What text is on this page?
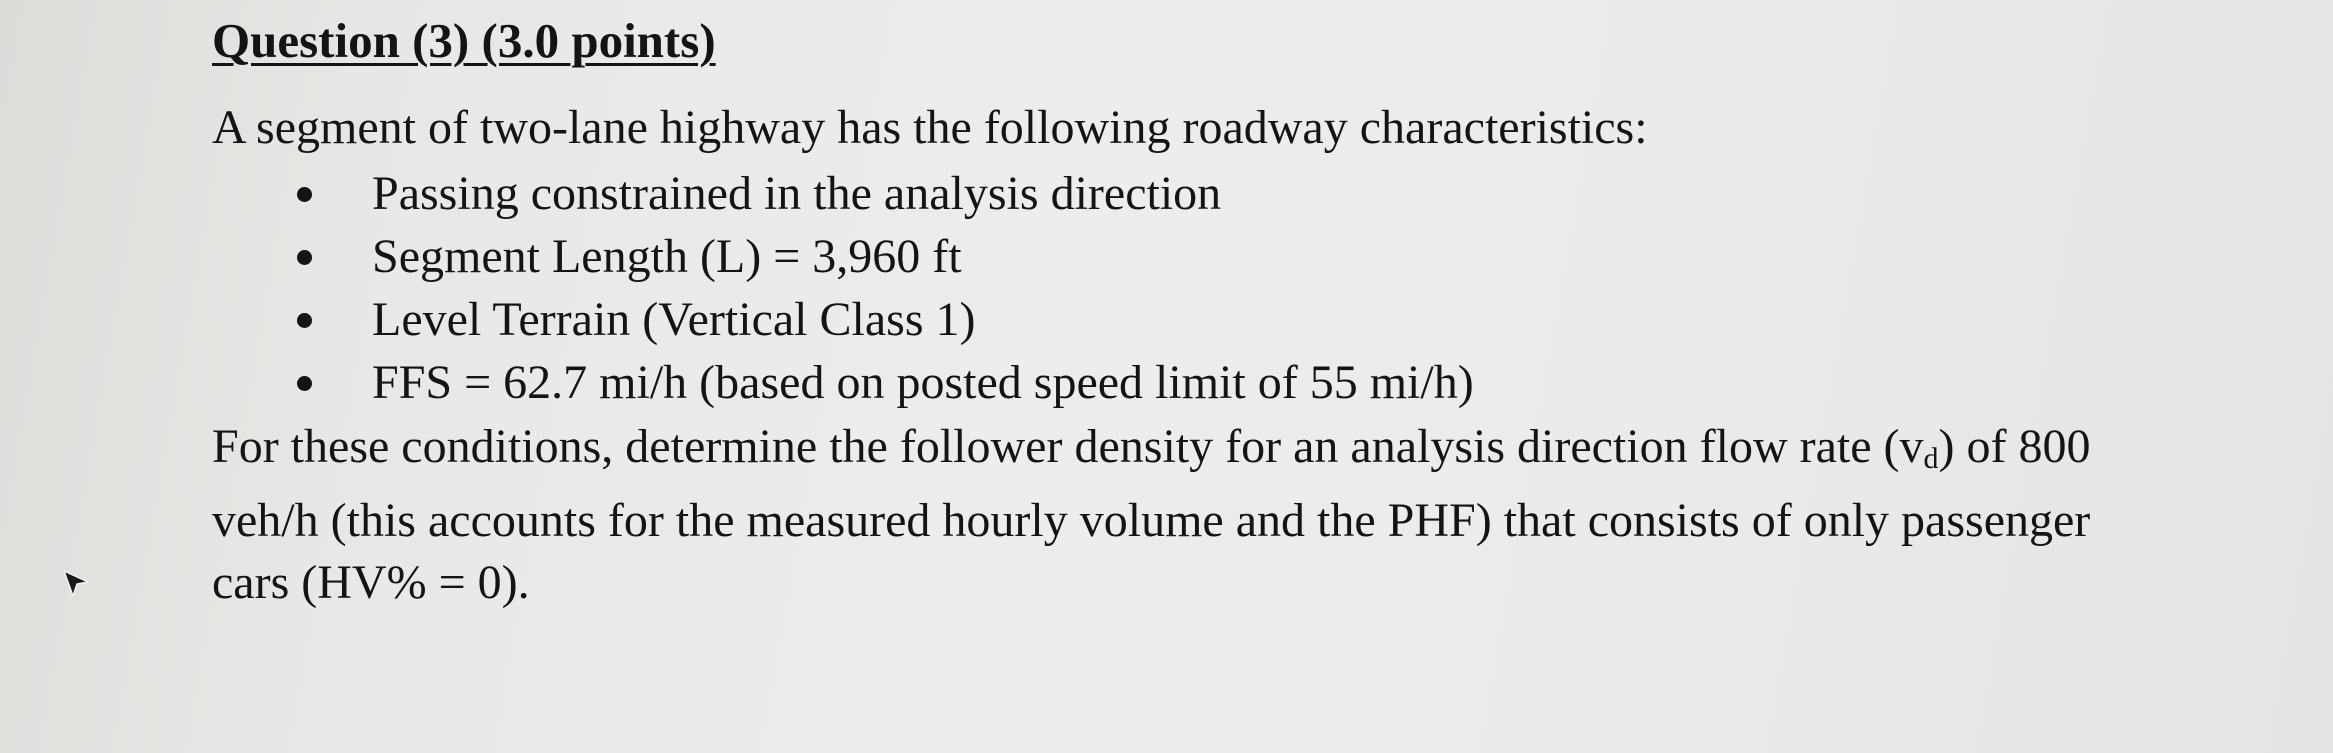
Question (3) (3.0 points)

A segment of two-lane highway has the following roadway characteristics:

Passing constrained in the analysis direction
Segment Length (L) = 3,960 ft
Level Terrain (Vertical Class 1)
FFS = 62.7 mi/h (based on posted speed limit of 55 mi/h)

For these conditions, determine the follower density for an analysis direction flow rate $(v_d)$ of 800
veh/h (this accounts for the measured hourly volume and the PHF) that consists of only passenger
cars (HV% = 0).
